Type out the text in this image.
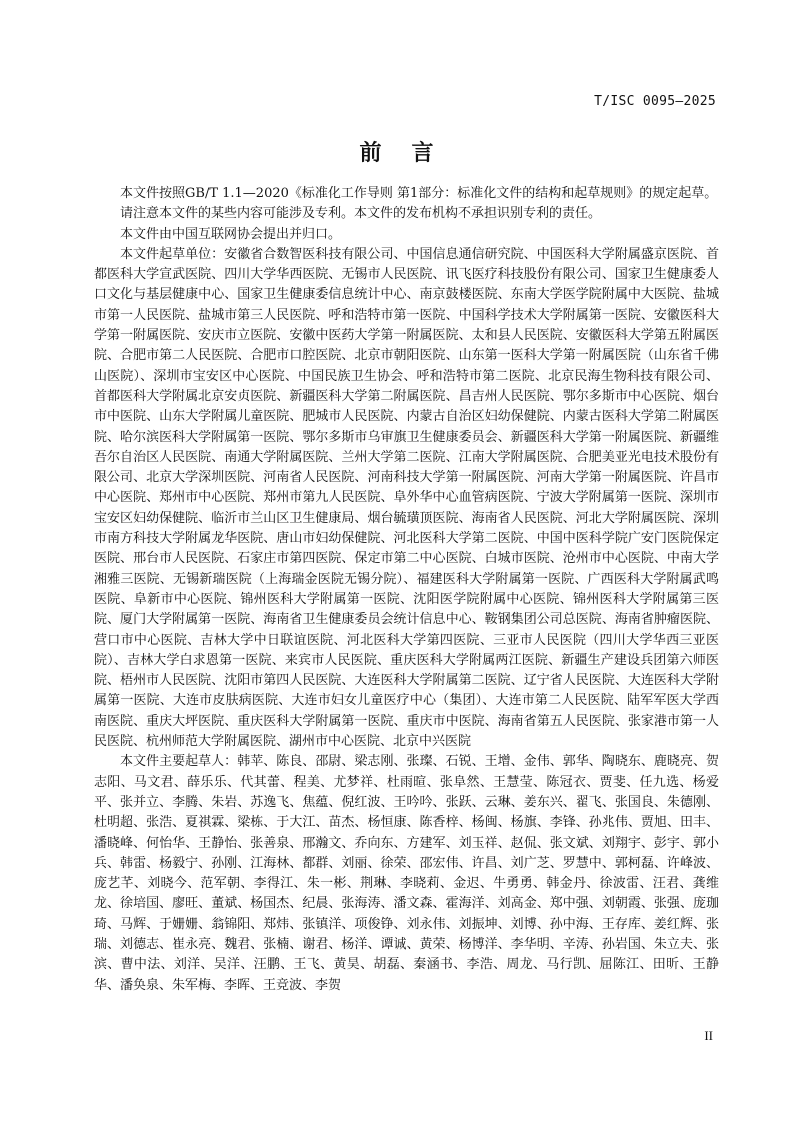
T/ISC 0095—2025
前言

本文件按照GB/T 1.1—2020《标准化工作导则 第1部分：标准化文件的结构和起草规则》的规定起草。

请注意本文件的某些内容可能涉及专利。本文件的发布机构不承担识别专利的责任。

本文件由中国互联网协会提出并归口。

本文件起草单位：安徽省合数智医科技有限公司、中国信息通信研究院、中国医科大学附属盛京医院、首都医科大学宣武医院、四川大学华西医院、无锡市人民医院、讯飞医疗科技股份有限公司、国家卫生健康委人口文化与基层健康中心、国家卫生健康委信息统计中心、南京鼓楼医院、东南大学医学院附属中大医院、盐城市第一人民医院、盐城市第三人民医院、呼和浩特市第一医院、中国科学技术大学附属第一医院、安徽医科大学第一附属医院、安庆市立医院、安徽中医药大学第一附属医院、太和县人民医院、安徽医科大学第五附属医院、合肥市第二人民医院、合肥市口腔医院、北京市朝阳医院、山东第一医科大学第一附属医院（山东省千佛山医院）、深圳市宝安区中心医院、中国民族卫生协会、呼和浩特市第二医院、北京民海生物科技有限公司、首都医科大学附属北京安贞医院、新疆医科大学第二附属医院、昌吉州人民医院、鄂尔多斯市中心医院、烟台市中医院、山东大学附属儿童医院、肥城市人民医院、内蒙古自治区妇幼保健院、内蒙古医科大学第二附属医院、哈尔滨医科大学附属第一医院、鄂尔多斯市乌审旗卫生健康委员会、新疆医科大学第一附属医院、新疆维吾尔自治区人民医院、南通大学附属医院、兰州大学第二医院、江南大学附属医院、合肥美亚光电技术股份有限公司、北京大学深圳医院、河南省人民医院、河南科技大学第一附属医院、河南大学第一附属医院、许昌市中心医院、郑州市中心医院、郑州市第九人民医院、阜外华中心血管病医院、宁波大学附属第一医院、深圳市宝安区妇幼保健院、临沂市兰山区卫生健康局、烟台毓璜顶医院、海南省人民医院、河北大学附属医院、深圳市南方科技大学附属龙华医院、唐山市妇幼保健院、河北医科大学第二医院、中国中医科学院广安门医院保定医院、邢台市人民医院、石家庄市第四医院、保定市第二中心医院、白城市医院、沧州市中心医院、中南大学湘雅三医院、无锡新瑞医院（上海瑞金医院无锡分院）、福建医科大学附属第一医院、广西医科大学附属武鸣医院、阜新市中心医院、锦州医科大学附属第一医院、沈阳医学院附属中心医院、锦州医科大学附属第三医院、厦门大学附属第一医院、海南省卫生健康委员会统计信息中心、鞍钢集团公司总医院、海南省肿瘤医院、营口市中心医院、吉林大学中日联谊医院、河北医科大学第四医院、三亚市人民医院（四川大学华西三亚医院）、吉林大学白求恩第一医院、来宾市人民医院、重庆医科大学附属两江医院、新疆生产建设兵团第六师医院、梧州市人民医院、沈阳市第四人民医院、大连医科大学附属第二医院、辽宁省人民医院、大连医科大学附属第一医院、大连市皮肤病医院、大连市妇女儿童医疗中心（集团）、大连市第二人民医院、陆军军医大学西南医院、重庆大坪医院、重庆医科大学附属第一医院、重庆市中医院、海南省第五人民医院、张家港市第一人民医院、杭州师范大学附属医院、湖州市中心医院、北京中兴医院

本文件主要起草人：韩苹、陈良、邵尉、梁志刚、张璨、石锐、王增、金伟、郭华、陶晓东、鹿晓亮、贺志阳、马文君、薛乐乐、代其蕾、程美、尤梦祥、杜雨暄、张阜然、王慧莹、陈冠衣、贾斐、任九选、杨爱平、张并立、李腾、朱岩、苏逸飞、焦蕴、倪红波、王吟吟、张跃、云琳、姜东兴、翟飞、张国良、朱德刚、杜明超、张浩、夏祺霖、梁栋、于大江、苗杰、杨恒康、陈香梓、杨闽、杨旗、李锋、孙兆伟、贾旭、田丰、潘晓峰、何怡华、王静怡、张善泉、邢瀚文、乔向东、方建军、刘玉祥、赵侃、张文斌、刘翔宇、彭宇、郭小兵、韩雷、杨毅宁、孙刚、江海林、都群、刘丽、徐荣、邵宏伟、许昌、刘广芝、罗慧中、郭柯磊、许峰波、庞艺芊、刘晓今、范军朝、李得江、朱一彬、荆琳、李晓莉、金迟、牛勇勇、韩金丹、徐波雷、汪君、龚维龙、徐培国、廖旺、董斌、杨国杰、纪晨、张海涛、潘文森、霍海洋、刘高金、郑中强、刘朝霞、张强、庞珈琦、马辉、于姗姗、翁锦阳、郑炜、张镇洋、项俊铮、刘永伟、刘振坤、刘博、孙中海、王存库、姜红辉、张瑞、刘德志、崔永亮、魏君、张楠、谢君、杨洋、谭诚、黄荣、杨博洋、李华明、辛涛、孙岩国、朱立夫、张滨、曹中法、刘洋、吴洋、汪鹏、王飞、黄昊、胡磊、秦涵书、李浩、周龙、马行凯、屈陈江、田昕、王静华、潘奂泉、朱军梅、李晖、王竞波、李贺

II
